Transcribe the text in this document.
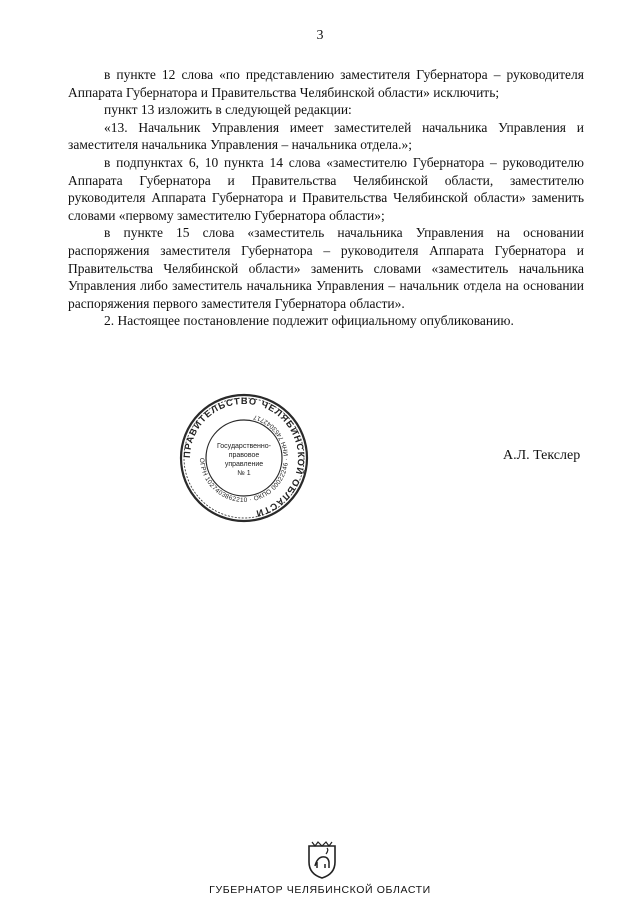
3

в пункте 12 слова «по представлению заместителя Губернатора – руководителя Аппарата Губернатора и Правительства Челябинской области» исключить;

пункт 13 изложить в следующей редакции:

«13. Начальник Управления имеет заместителей начальника Управления и заместителя начальника Управления – начальника отдела.»;

в подпунктах 6, 10 пункта 14 слова «заместителю Губернатора – руководителю Аппарата Губернатора и Правительства Челябинской области, заместителю руководителя Аппарата Губернатора и Правительства Челябинской области» заменить словами «первому заместителю Губернатора области»;

в пункте 15 слова «заместитель начальника Управления на основании распоряжения заместителя Губернатора – руководителя Аппарата Губернатора и Правительства Челябинской области» заменить словами «заместитель начальника Управления либо заместитель начальника Управления – начальник отдела на основании распоряжения первого заместителя Губернатора области».

2. Настоящее постановление подлежит официальному опубликованию.

ПРАВИТЕЛЬСТВО ЧЕЛЯБИНСКОЙ ОБЛАСТИ
ОГРН 1027403862210 · ОКПО 00022246 · ИНН 7453042717
Государственно-
правовое
управление
№ 1
А.Л. Текслер
ГУБЕРНАТОР ЧЕЛЯБИНСКОЙ ОБЛАСТИ
